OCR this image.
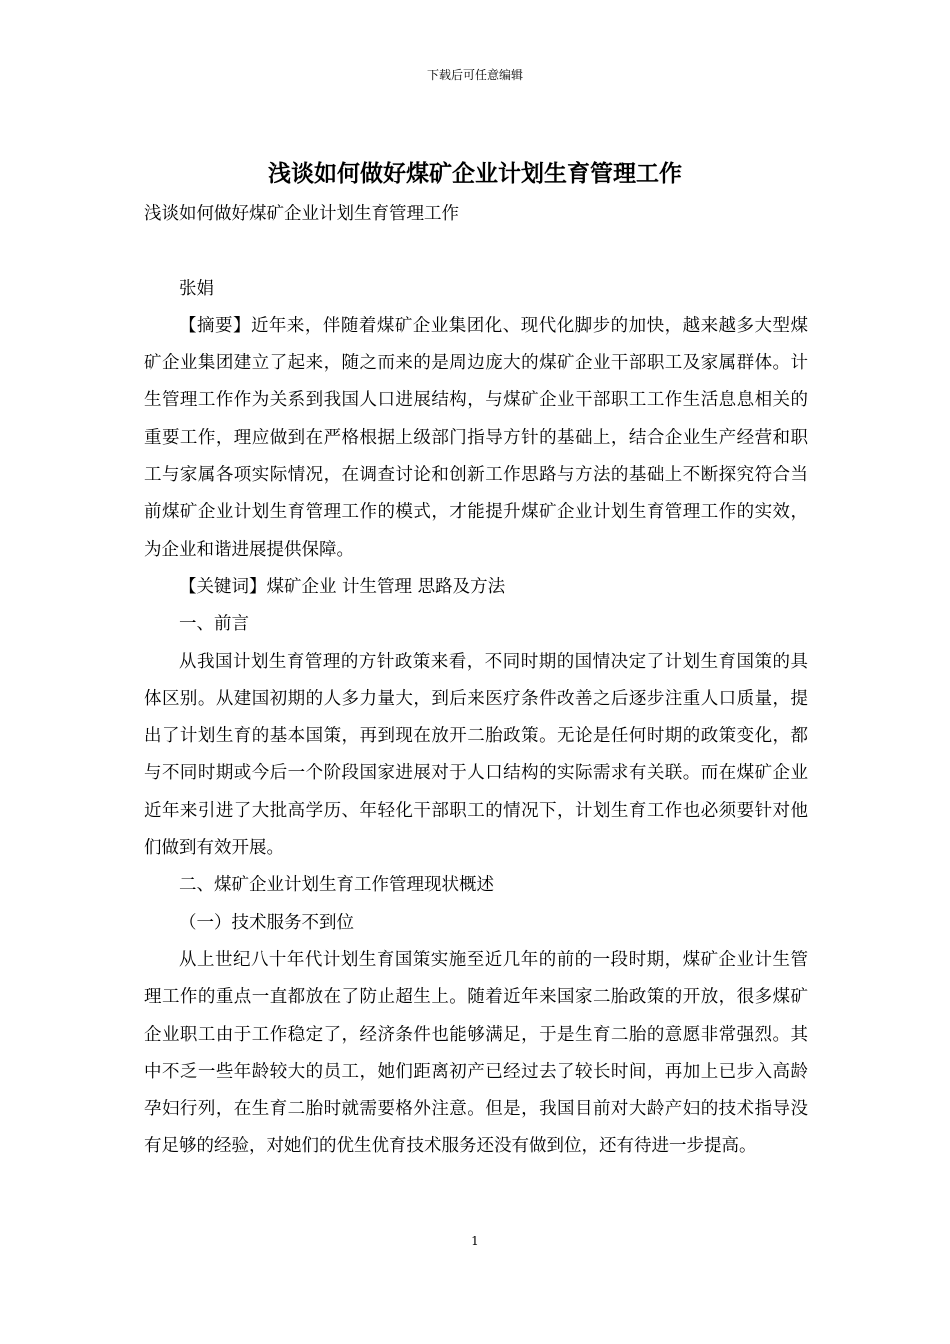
下载后可任意编辑
浅谈如何做好煤矿企业计划生育管理工作

浅谈如何做好煤矿企业计划生育管理工作

张娟

【摘要】近年来，伴随着煤矿企业集团化、现代化脚步的加快，越来越多大型煤矿企业集团建立了起来，随之而来的是周边庞大的煤矿企业干部职工及家属群体。计生管理工作作为关系到我国人口进展结构，与煤矿企业干部职工工作生活息息相关的重要工作，理应做到在严格根据上级部门指导方针的基础上，结合企业生产经营和职工与家属各项实际情况，在调查讨论和创新工作思路与方法的基础上不断探究符合当前煤矿企业计划生育管理工作的模式，才能提升煤矿企业计划生育管理工作的实效，为企业和谐进展提供保障。

【关键词】煤矿企业 计生管理 思路及方法

一、前言

从我国计划生育管理的方针政策来看，不同时期的国情决定了计划生育国策的具体区别。从建国初期的人多力量大，到后来医疗条件改善之后逐步注重人口质量，提出了计划生育的基本国策，再到现在放开二胎政策。无论是任何时期的政策变化，都与不同时期或今后一个阶段国家进展对于人口结构的实际需求有关联。而在煤矿企业近年来引进了大批高学历、年轻化干部职工的情况下，计划生育工作也必须要针对他们做到有效开展。

二、煤矿企业计划生育工作管理现状概述

（一）技术服务不到位

从上世纪八十年代计划生育国策实施至近几年的前的一段时期，煤矿企业计生管理工作的重点一直都放在了防止超生上。随着近年来国家二胎政策的开放，很多煤矿企业职工由于工作稳定了，经济条件也能够满足，于是生育二胎的意愿非常强烈。其中不乏一些年龄较大的员工，她们距离初产已经过去了较长时间，再加上已步入高龄孕妇行列，在生育二胎时就需要格外注意。但是，我国目前对大龄产妇的技术指导没有足够的经验，对她们的优生优育技术服务还没有做到位，还有待进一步提高。

1
